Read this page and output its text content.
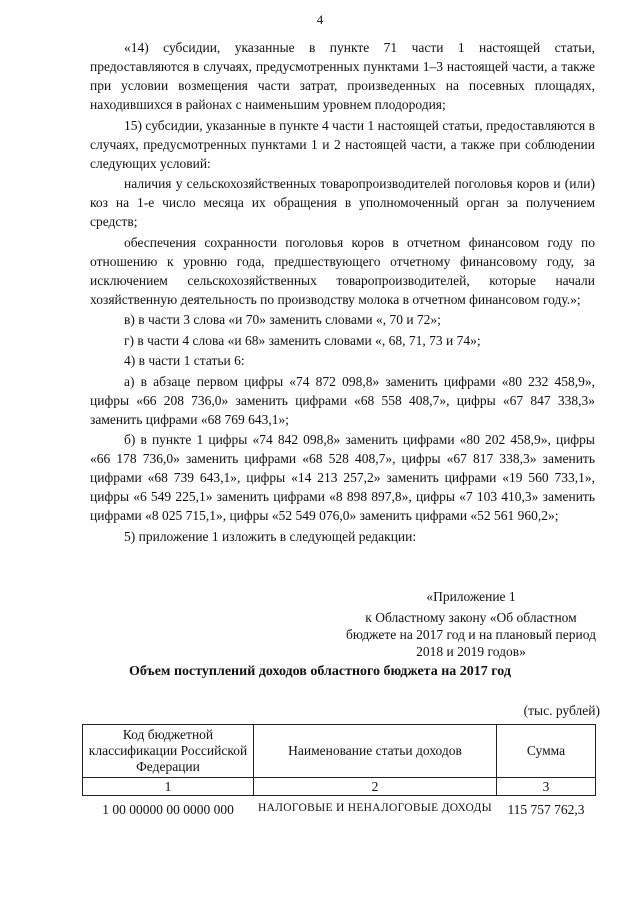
4

«14) субсидии, указанные в пункте 71 части 1 настоящей статьи, предоставляются в случаях, предусмотренных пунктами 1–3 настоящей части, а также при условии возмещения части затрат, произведенных на посевных площадях, находившихся в районах с наименьшим уровнем плодородия;

15) субсидии, указанные в пункте 4 части 1 настоящей статьи, предоставляются в случаях, предусмотренных пунктами 1 и 2 настоящей части, а также при соблюдении следующих условий:

наличия у сельскохозяйственных товаропроизводителей поголовья коров и (или) коз на 1-е число месяца их обращения в уполномоченный орган за получением средств;

обеспечения сохранности поголовья коров в отчетном финансовом году по отношению к уровню года, предшествующего отчетному финансовому году, за исключением сельскохозяйственных товаропроизводителей, которые начали хозяйственную деятельность по производству молока в отчетном финансовом году.»;

в) в части 3 слова «и 70» заменить словами «, 70 и 72»;

г) в части 4 слова «и 68» заменить словами «, 68, 71, 73 и 74»;

4) в части 1 статьи 6:

а) в абзаце первом цифры «74 872 098,8» заменить цифрами «80 232 458,9», цифры «66 208 736,0» заменить цифрами «68 558 408,7», цифры «67 847 338,3» заменить цифрами «68 769 643,1»;

б) в пункте 1 цифры «74 842 098,8» заменить цифрами «80 202 458,9», цифры «66 178 736,0» заменить цифрами «68 528 408,7», цифры «67 817 338,3» заменить цифрами «68 739 643,1», цифры «14 213 257,2» заменить цифрами «19 560 733,1», цифры «6 549 225,1» заменить цифрами «8 898 897,8», цифры «7 103 410,3» заменить цифрами «8 025 715,1», цифры «52 549 076,0» заменить цифрами «52 561 960,2»;

5) приложение 1 изложить в следующей редакции:

«Приложение 1
к Областному закону «Об областном бюджете на 2017 год и на плановый период 2018 и 2019 годов»
Объем поступлений доходов областного бюджета на 2017 год
(тыс. рублей)
Код бюджетной классификации Российской Федерации	Наименование статьи доходов	Сумма
1	2	3
1 00 00000 00 0000 000	НАЛОГОВЫЕ И НЕНАЛОГОВЫЕ ДОХОДЫ	115 757 762,3
